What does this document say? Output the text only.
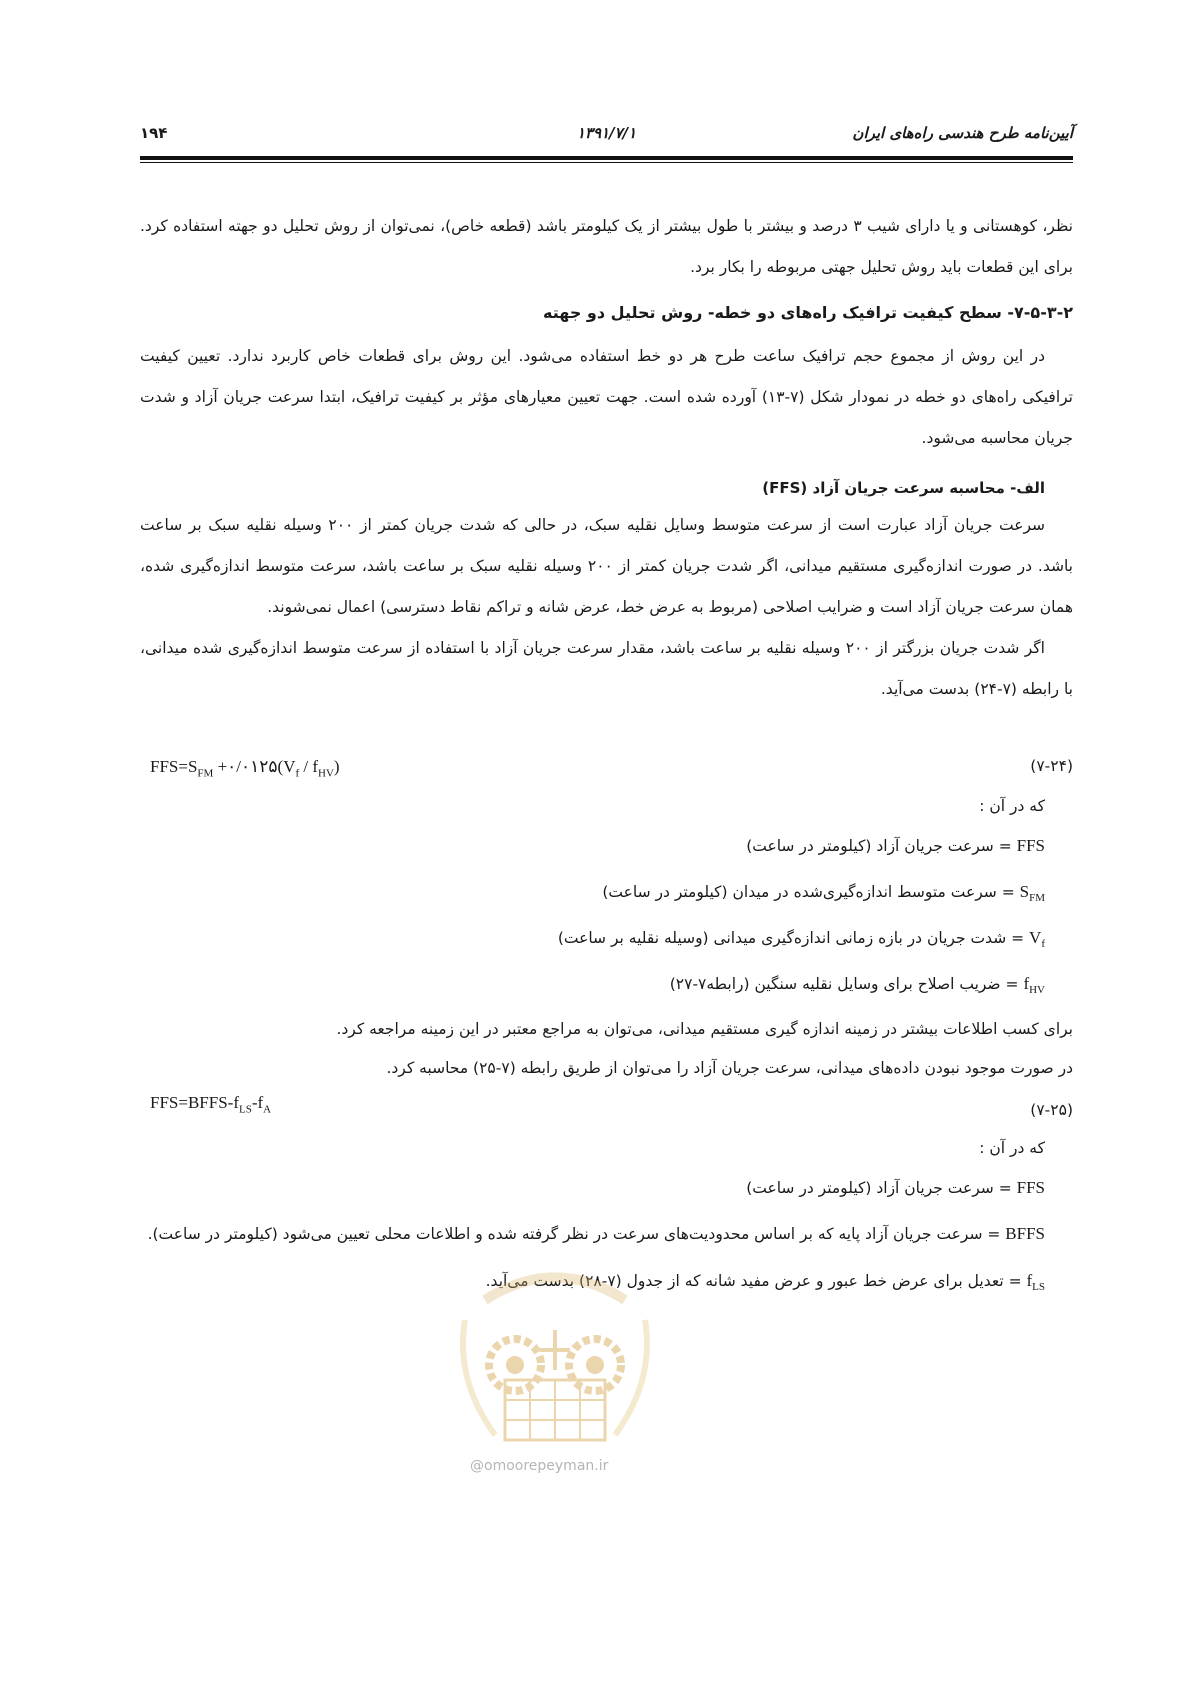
آیین‌نامه طرح هندسی راه‌های ایران
۱۳۹۱/۷/۱
۱۹۴

نظر، کوهستانی و یا دارای شیب ۳ درصد و بیشتر با طول بیشتر از یک کیلومتر باشد (قطعه خاص)، نمی‌توان از روش تحلیل دو جهته استفاده کرد. برای این قطعات باید روش تحلیل جهتی مربوطه را بکار برد.

۷-۵-۳-۲- سطح کیفیت ترافیک راه‌های دو خطه- روش تحلیل دو جهته

در این روش از مجموع حجم ترافیک ساعت طرح هر دو خط استفاده می‌شود. این روش برای قطعات خاص کاربرد ندارد. تعیین کیفیت ترافیکی راه‌های دو خطه در نمودار شکل (۷-۱۳) آورده شده است. جهت تعیین معیارهای مؤثر بر کیفیت ترافیک، ابتدا سرعت جریان آزاد و شدت جریان محاسبه می‌شود.

الف- محاسبه سرعت جریان آزاد (FFS)

سرعت جریان آزاد عبارت است از سرعت متوسط وسایل نقلیه سبک، در حالی که شدت جریان کمتر از ۲۰۰ وسیله نقلیه سبک بر ساعت باشد. در صورت اندازه‌گیری مستقیم میدانی، اگر شدت جریان کمتر از ۲۰۰ وسیله نقلیه سبک بر ساعت باشد، سرعت متوسط اندازه‌گیری شده، همان سرعت جریان آزاد است و ضرایب اصلاحی (مربوط به عرض خط، عرض شانه و تراکم نقاط دسترسی) اعمال نمی‌شوند.

اگر شدت جریان بزرگتر از ۲۰۰ وسیله نقلیه بر ساعت باشد، مقدار سرعت جریان آزاد با استفاده از سرعت متوسط اندازه‌گیری شده میدانی، با رابطه (۷-۲۴) بدست می‌آید.

$FFS=S_{FM}$ $+۰/۰۱۲۵(V_f / f_{HV})$	(۷-۲۴)
که در آن :
FFS = سرعت جریان آزاد (کیلومتر در ساعت)
$S_{FM}$ = سرعت متوسط اندازه‌گیری‌شده در میدان (کیلومتر در ساعت)
$V_f$ = شدت جریان در بازه زمانی اندازه‌گیری میدانی (وسیله نقلیه بر ساعت)
$f_{HV}$ = ضریب اصلاح برای وسایل نقلیه سنگین (رابطه۷-۲۷)

برای کسب اطلاعات بیشتر در زمینه اندازه گیری مستقیم میدانی، می‌توان به مراجع معتبر در این زمینه مراجعه کرد.

در صورت موجود نبودن داده‌های میدانی، سرعت جریان آزاد را می‌توان از طریق رابطه (۷-۲۵) محاسبه کرد.

$FFS=BFFS-f_{LS}-f_A$	(۷-۲۵)
که در آن :
FFS = سرعت جریان آزاد (کیلومتر در ساعت)
BFFS = سرعت جریان آزاد پایه که بر اساس محدودیت‌های سرعت در نظر گرفته شده و اطلاعات محلی تعیین می‌شود (کیلومتر در ساعت).
$f_{LS}$ = تعدیل برای عرض خط عبور و عرض مفید شانه که از جدول (۷-۲۸) بدست می‌آید.
@omoorepeyman.ir
